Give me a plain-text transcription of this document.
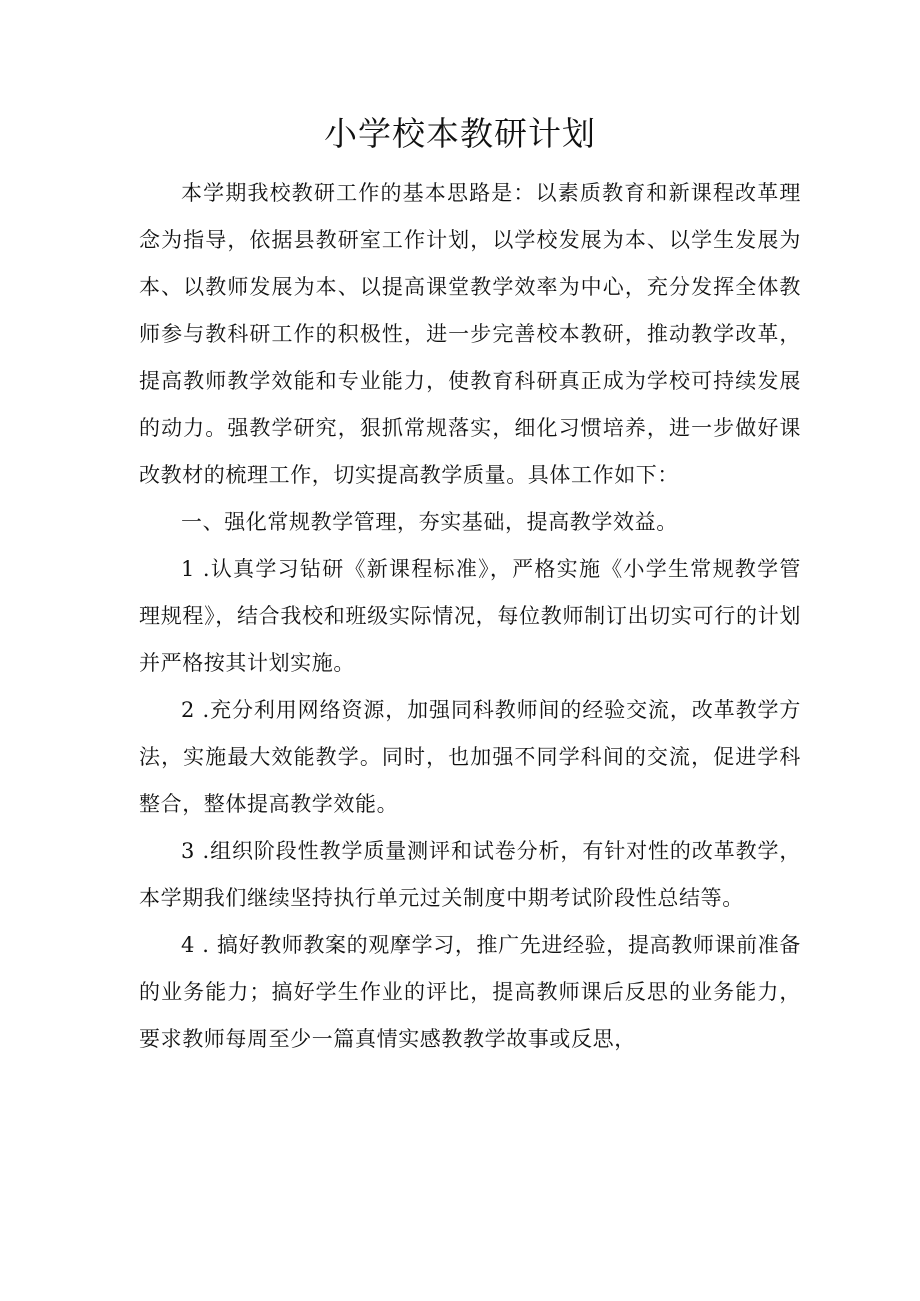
小学校本教研计划

本学期我校教研工作的基本思路是：以素质教育和新课程改革理念为指导，依据县教研室工作计划，以学校发展为本、以学生发展为本、以教师发展为本、以提高课堂教学效率为中心，充分发挥全体教师参与教科研工作的积极性，进一步完善校本教研，推动教学改革，提高教师教学效能和专业能力，使教育科研真正成为学校可持续发展的动力。强教学研究，狠抓常规落实，细化习惯培养，进一步做好课改教材的梳理工作，切实提高教学质量。具体工作如下：

一、强化常规教学管理，夯实基础，提高教学效益。

1 .认真学习钻研《新课程标准》，严格实施《小学生常规教学管理规程》，结合我校和班级实际情况，每位教师制订出切实可行的计划并严格按其计划实施。

2 .充分利用网络资源，加强同科教师间的经验交流，改革教学方法，实施最大效能教学。同时，也加强不同学科间的交流，促进学科整合，整体提高教学效能。

3 .组织阶段性教学质量测评和试卷分析，有针对性的改革教学，本学期我们继续坚持执行单元过关制度中期考试阶段性总结等。

4 . 搞好教师教案的观摩学习，推广先进经验，提高教师课前准备的业务能力；搞好学生作业的评比，提高教师课后反思的业务能力，要求教师每周至少一篇真情实感教教学故事或反思，
